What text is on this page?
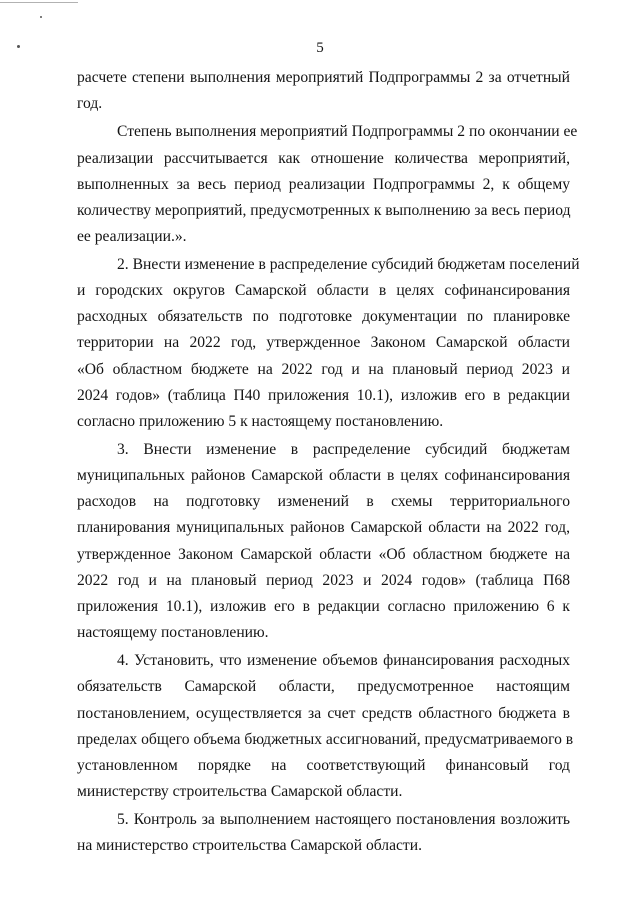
5
расчете степени выполнения мероприятий Подпрограммы 2 за отчетный
год.
Степень выполнения мероприятий Подпрограммы 2 по окончании ее
реализации рассчитывается как отношение количества мероприятий,
выполненных за весь период реализации Подпрограммы 2, к общему
количеству мероприятий, предусмотренных к выполнению за весь период
ее реализации.».
2. Внести изменение в распределение субсидий бюджетам поселений
и городских округов Самарской области в целях софинансирования
расходных обязательств по подготовке документации по планировке
территории на 2022 год, утвержденное Законом Самарской области
«Об областном бюджете на 2022 год и на плановый период 2023 и
2024 годов» (таблица П40 приложения 10.1), изложив его в редакции
согласно приложению 5 к настоящему постановлению.
3. Внести изменение в распределение субсидий бюджетам
муниципальных районов Самарской области в целях софинансирования
расходов на подготовку изменений в схемы территориального
планирования муниципальных районов Самарской области на 2022 год,
утвержденное Законом Самарской области «Об областном бюджете на
2022 год и на плановый период 2023 и 2024 годов» (таблица П68
приложения 10.1), изложив его в редакции согласно приложению 6 к
настоящему постановлению.
4. Установить, что изменение объемов финансирования расходных
обязательств Самарской области, предусмотренное настоящим
постановлением, осуществляется за счет средств областного бюджета в
пределах общего объема бюджетных ассигнований, предусматриваемого в
установленном порядке на соответствующий финансовый год
министерству строительства Самарской области.
5. Контроль за выполнением настоящего постановления возложить
на министерство строительства Самарской области.
